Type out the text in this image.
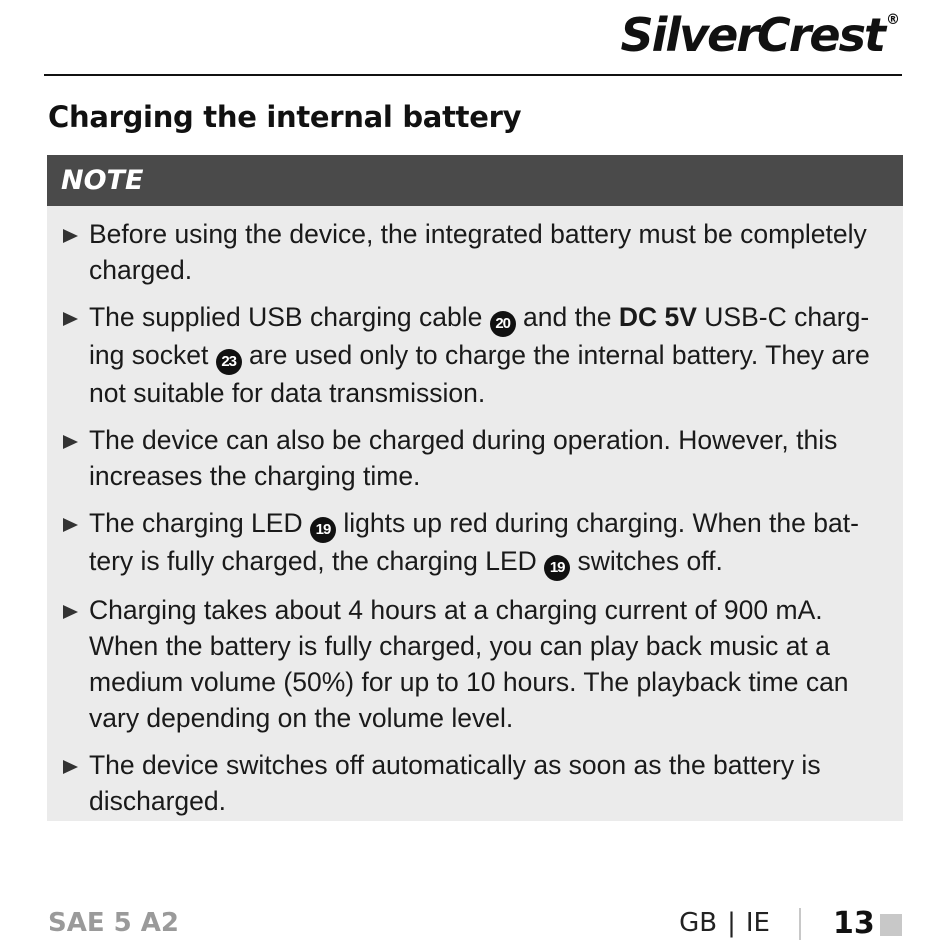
SilverCrest ®
Charging the internal battery
NOTE
Before using the device, the integrated battery must be completely charged.
The supplied USB charging cable 20 and the DC 5V USB-C charg-ing socket 23 are used only to charge the internal battery. They are not suitable for data transmission.
The device can also be charged during operation. However, this increases the charging time.
The charging LED 19 lights up red during charging. When the bat-tery is fully charged, the charging LED 19 switches off.
Charging takes about 4 hours at a charging current of 900 mA. When the battery is fully charged, you can play back music at a medium volume (50%) for up to 10 hours. The playback time can vary depending on the volume level.
The device switches off automatically as soon as the battery is discharged.
SAE 5 A2	GB | IE 13
